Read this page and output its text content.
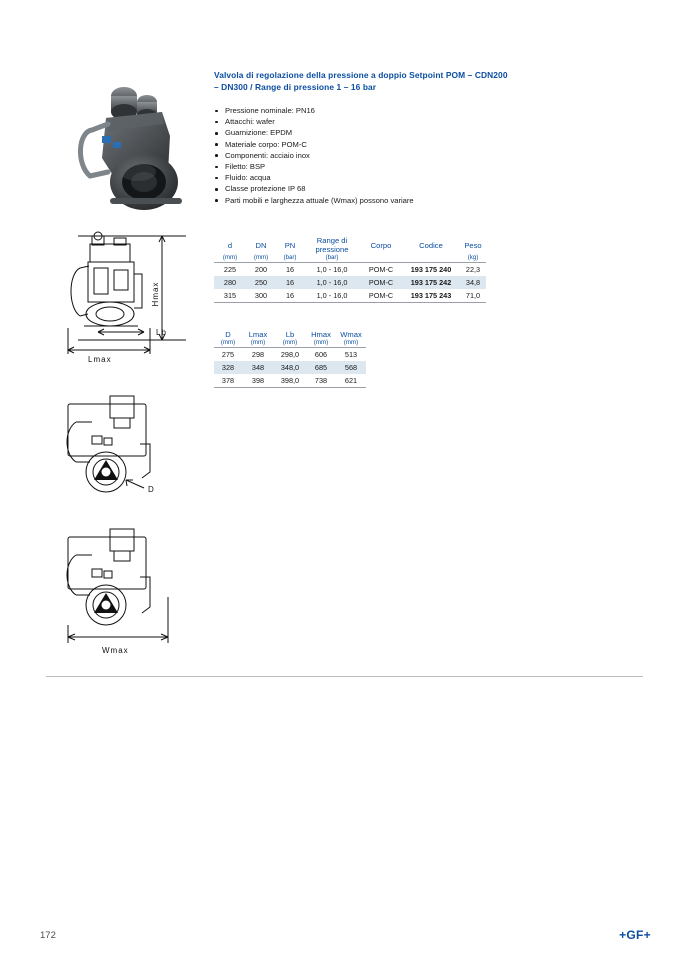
Hmax
Lb
Lmax
D
Wmax
Valvola di regolazione della pressione a doppio Setpoint POM – CDN200 – DN300 / Range di pressione 1 – 16 bar
Pressione nominale: PN16
Attacchi: wafer
Guarnizione: EPDM
Materiale corpo: POM-C
Componenti: acciaio inox
Filetto: BSP
Fluido: acqua
Classe protezione IP 68
Parti mobili e larghezza attuale (Wmax) possono variare
d	DN	PN	Range di pressione	Corpo	Codice	Peso
(mm)	(mm)	(bar)	(bar)			(kg)
225	200	16	1,0 - 16,0	POM-C	193 175 240	22,3
280	250	16	1,0 - 16,0	POM-C	193 175 242	34,8
315	300	16	1,0 - 16,0	POM-C	193 175 243	71,0
D	Lmax	Lb	Hmax	Wmax
(mm)	(mm)	(mm)	(mm)	(mm)
275	298	298,0	606	513
328	348	348,0	685	568
378	398	398,0	738	621
172	+GF+
